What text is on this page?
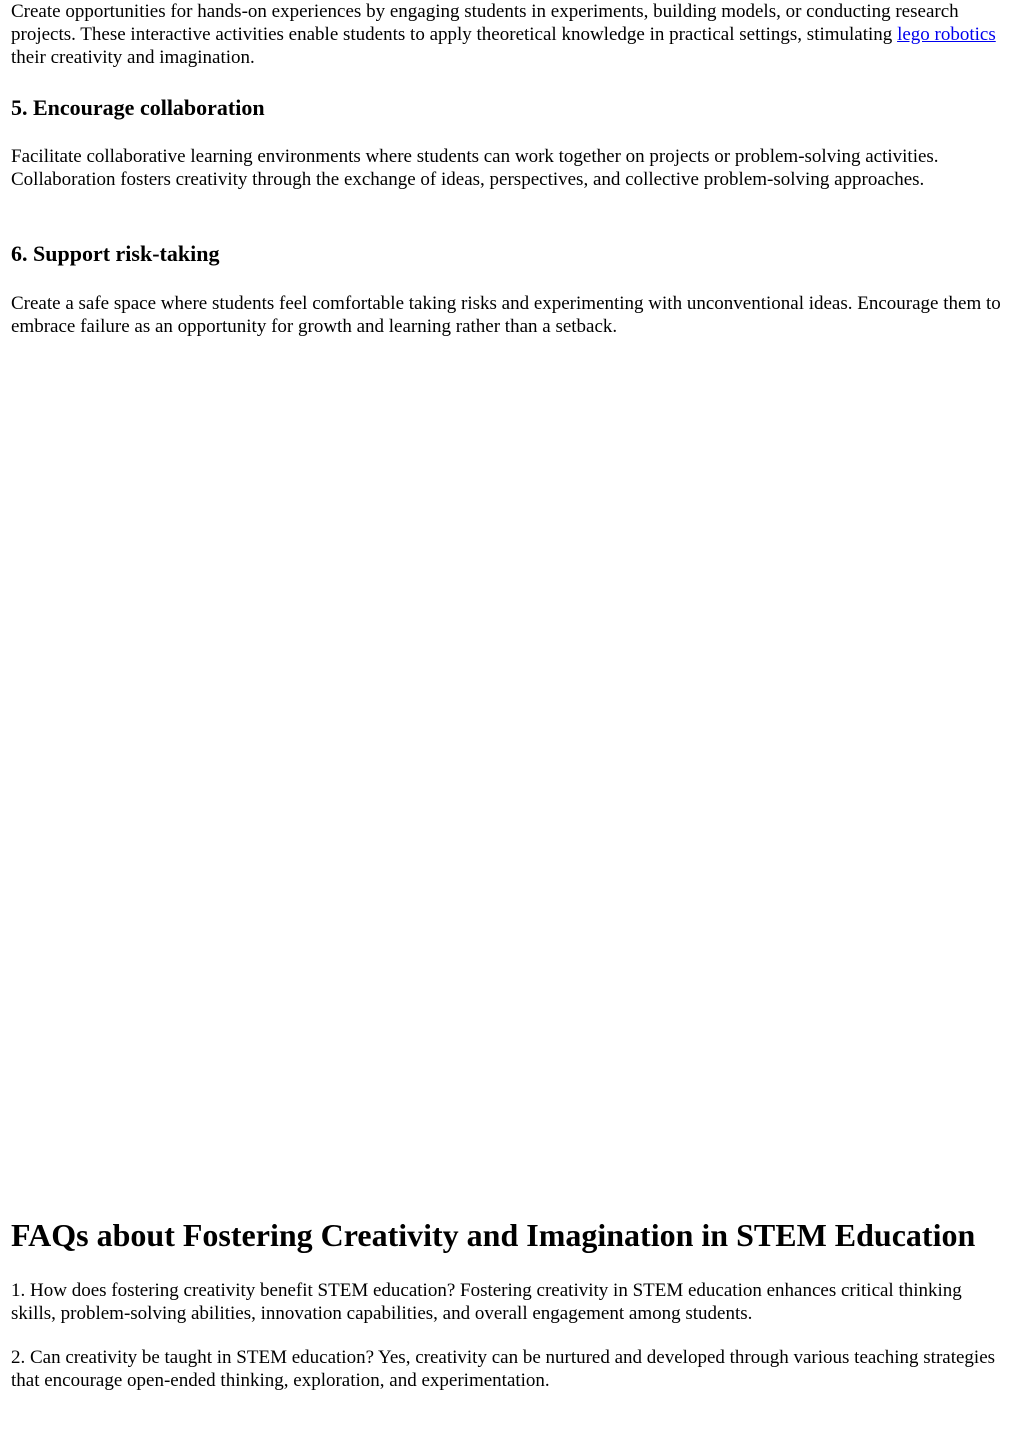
Create opportunities for hands-on experiences by engaging students in experiments, building models, or conducting research projects. These interactive activities enable students to apply theoretical knowledge in practical settings, stimulating lego robotics their creativity and imagination.

5. Encourage collaboration

Facilitate collaborative learning environments where students can work together on projects or problem-solving activities. Collaboration fosters creativity through the exchange of ideas, perspectives, and collective problem-solving approaches.

6. Support risk-taking

Create a safe space where students feel comfortable taking risks and experimenting with unconventional ideas. Encourage them to embrace failure as an opportunity for growth and learning rather than a setback.

FAQs about Fostering Creativity and Imagination in STEM Education

1. How does fostering creativity benefit STEM education? Fostering creativity in STEM education enhances critical thinking skills, problem-solving abilities, innovation capabilities, and overall engagement among students.

2. Can creativity be taught in STEM education? Yes, creativity can be nurtured and developed through various teaching strategies that encourage open-ended thinking, exploration, and experimentation.
